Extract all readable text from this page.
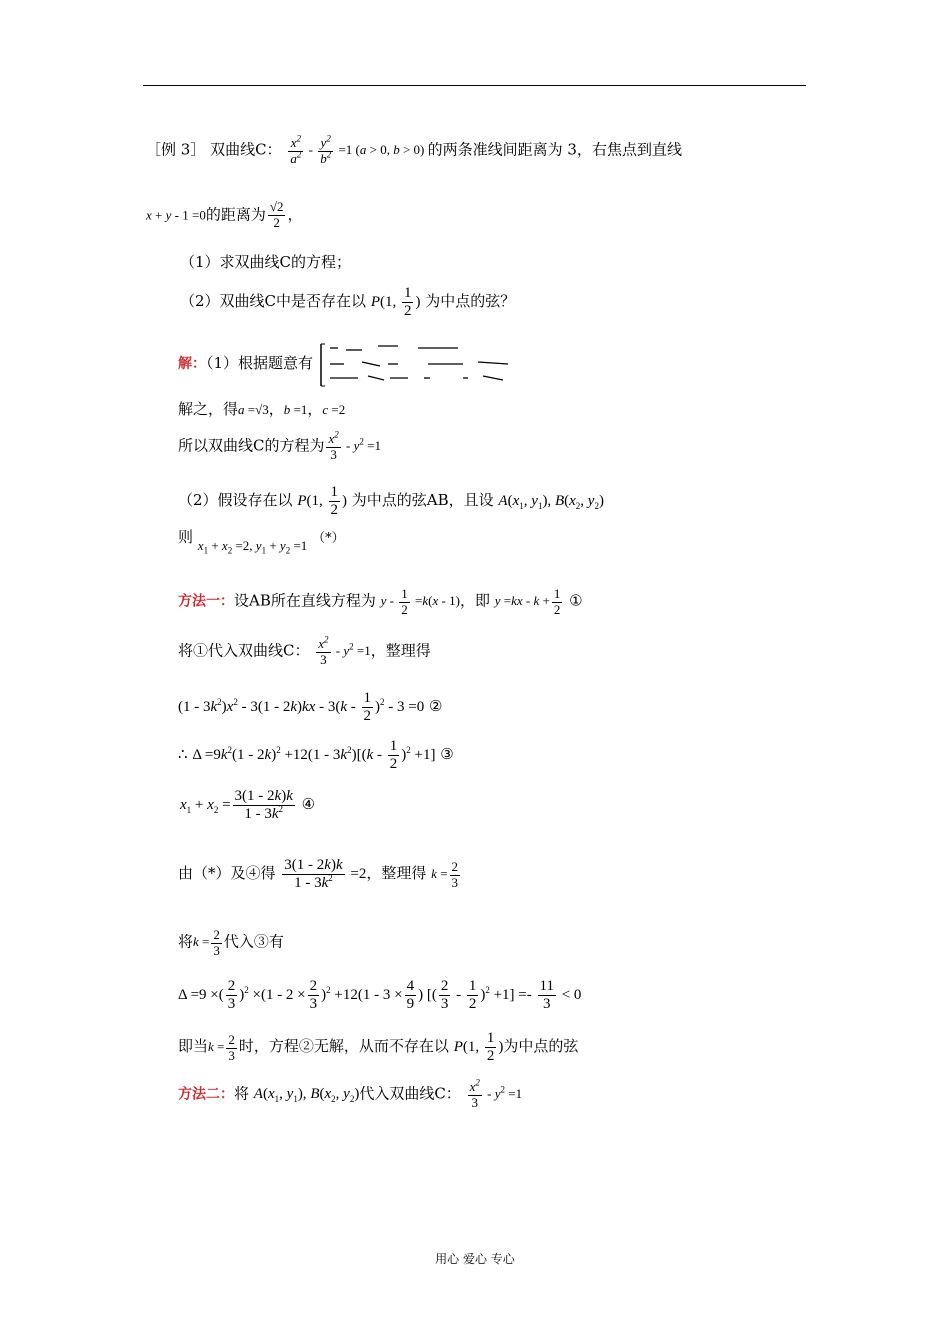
［例 3］ 双曲线C： $\frac{x^2}{a^2} - \frac{y^2}{b^2} =1$ (a > 0, b > 0) 的两条准线间距离为 3，右焦点到直线
x + y - 1 =0的距离为 $\frac{√2}{2}$ ，
（1）求双曲线C的方程；
（2）双曲线C中是否存在以 P(1, $\frac{1}{2}$ ) 为中点的弦？
解：（1）根据题意有
解之，得a =√3，b =1，c =2
所以双曲线C的方程为 $\frac{x^2}{3} - y^2 =1$
（2）假设存在以 P(1, $\frac{1}{2}$ ) 为中点的弦AB，且设 $A(x_1$, $y_1$), $B(x_2$, $y_2$)
则 $x_1 + x_2 =2$, $y_1 + y_2 =1$ （*）
方法一：设AB所在直线方程为 $y - \frac{1}{2} =k(x - 1)$，即 $y =kx - k + \frac{1}{2}$ ①
将①代入双曲线C： $\frac{x^2}{3} - y^2 =1$，整理得
$(1 - 3k^2)x^2 - 3(1 - 2k)kx - 3(k - \frac{1}{2} )^2 - 3 =0$ ②
∴ $\Delta =9k^2(1 - 2k)^2 +12(1 - 3k^2)[(k - \frac{1}{2} )^2 +1]$ ③
$x_1 + x_2 = \frac{3(1 - 2k)k}{1 - 3k^2}$ ④
由（*）及④得 $\frac{3(1 - 2k)k}{1 - 3k^2} =2$，整理得 $k = \frac{2}{3}$
将$k = \frac{2}{3}$ 代入③有
Δ =9 ×( $\frac{2}{3} )^2 \times(1 - 2 \times \frac{2}{3} )^2 +12(1 - 3 \times \frac{4}{9}$ ) [( $\frac{2}{3} - \frac{1}{2} )^2 +1] =- \frac{11}{3} < 0$
即当$k = \frac{2}{3}$ 时，方程②无解，从而不存在以 P(1, $\frac{1}{2}$ )为中点的弦
方法二：将 $A(x_1$, $y_1$), $B(x_2$, $y_2$)代入双曲线C： $\frac{x^2}{3} - y^2 =1$
用心 爱心 专心
